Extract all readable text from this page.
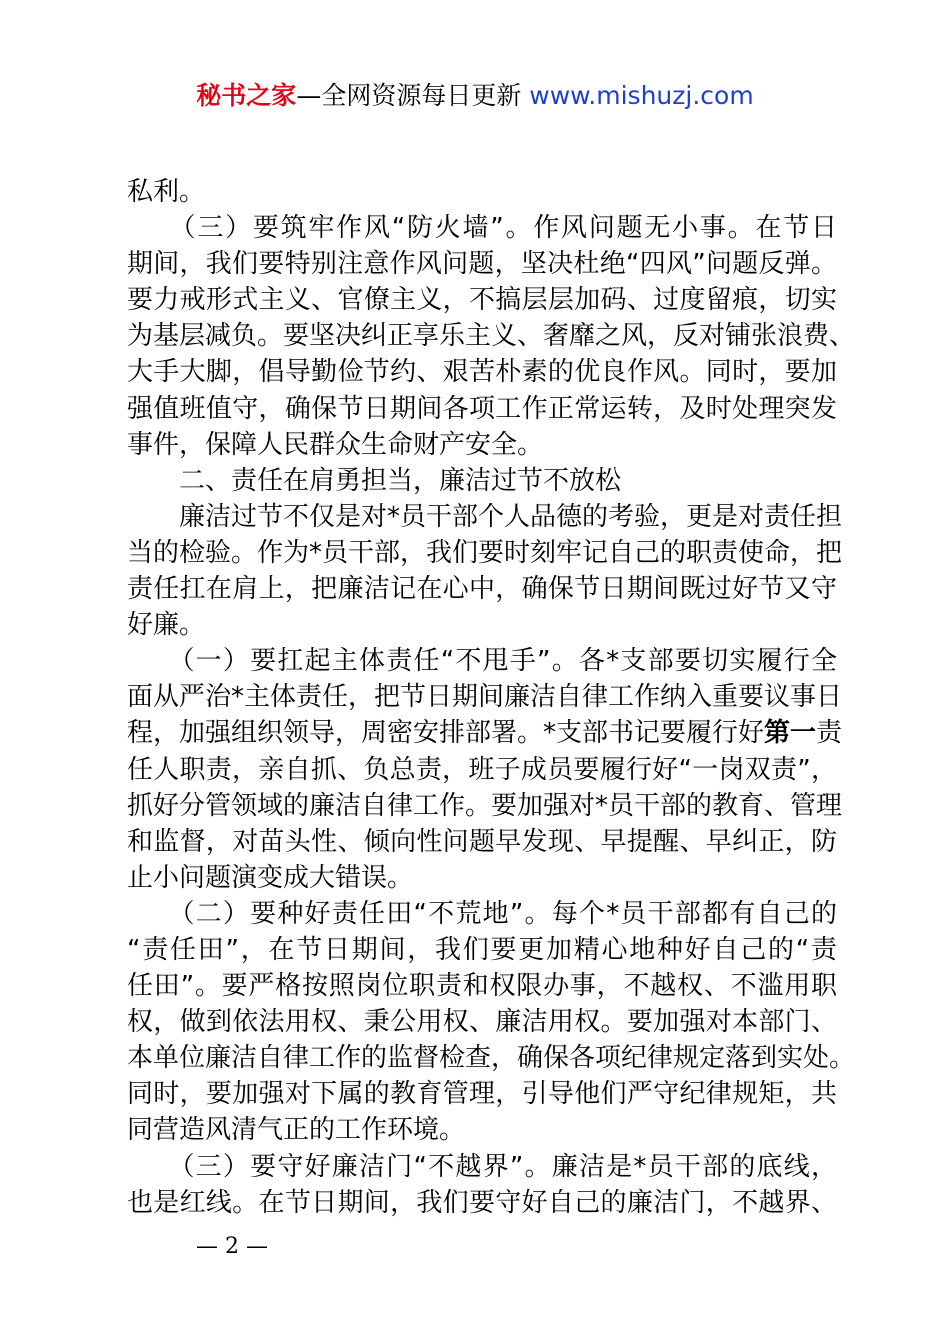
秘书之家—全网资源每日更新 www.mishuzj.com
私利。
　　（三）要筑牢作风“防火墙”。作风问题无小事。在节日
期间，我们要特别注意作风问题，坚决杜绝“四风”问题反弹。
要力戒形式主义、官僚主义，不搞层层加码、过度留痕，切实
为基层减负。要坚决纠正享乐主义、奢靡之风，反对铺张浪费、
大手大脚，倡导勤俭节约、艰苦朴素的优良作风。同时，要加
强值班值守，确保节日期间各项工作正常运转，及时处理突发
事件，保障人民群众生命财产安全。
　　二、责任在肩勇担当，廉洁过节不放松
　　廉洁过节不仅是对*员干部个人品德的考验，更是对责任担
当的检验。作为*员干部，我们要时刻牢记自己的职责使命，把
责任扛在肩上，把廉洁记在心中，确保节日期间既过好节又守
好廉。
　　（一）要扛起主体责任“不甩手”。各*支部要切实履行全
面从严治*主体责任，把节日期间廉洁自律工作纳入重要议事日
程，加强组织领导，周密安排部署。*支部书记要履行好第一责
任人职责，亲自抓、负总责，班子成员要履行好“一岗双责”，
抓好分管领域的廉洁自律工作。要加强对*员干部的教育、管理
和监督，对苗头性、倾向性问题早发现、早提醒、早纠正，防
止小问题演变成大错误。
　　（二）要种好责任田“不荒地”。每个*员干部都有自己的
“责任田”，在节日期间，我们要更加精心地种好自己的“责
任田”。要严格按照岗位职责和权限办事，不越权、不滥用职
权，做到依法用权、秉公用权、廉洁用权。要加强对本部门、
本单位廉洁自律工作的监督检查，确保各项纪律规定落到实处。
同时，要加强对下属的教育管理，引导他们严守纪律规矩，共
同营造风清气正的工作环境。
　　（三）要守好廉洁门“不越界”。廉洁是*员干部的底线，
也是红线。在节日期间，我们要守好自己的廉洁门，不越界、
— 2 —
